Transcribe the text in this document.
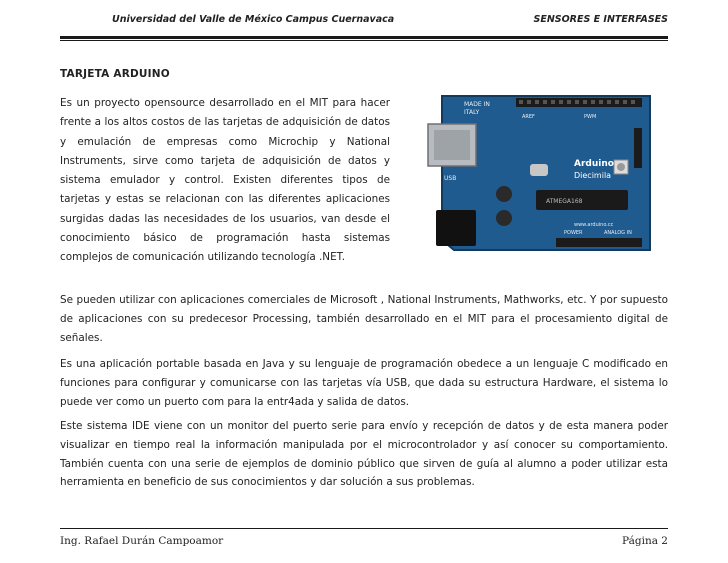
Universidad del Valle de México Campus Cuernavaca	SENSORES E INTERFASES
TARJETA ARDUINO
Es un proyecto opensource desarrollado en el MIT para hacer frente a los altos costos de las tarjetas de adquisición de datos y emulación de empresas como Microchip y National Instruments, sirve como tarjeta de adquisición de datos y sistema emulador y control. Existen diferentes tipos de tarjetas y estas se relacionan con las diferentes aplicaciones surgidas dadas las necesidades de los usuarios, van desde el conocimiento básico de programación hasta sistemas complejos de comunicación utilizando tecnología .NET.
MADE IN
ITALY
Arduino
Diecimila
USB
ANALOG IN
POWER
PWM
AREF
www.arduino.cc
ATMEGA168
Se pueden utilizar con aplicaciones comerciales de Microsoft , National Instruments, Mathworks, etc. Y por supuesto de aplicaciones con su predecesor Processing, también desarrollado en el MIT para el procesamiento digital de señales.
Es una aplicación portable basada en Java y su lenguaje de programación obedece a un lenguaje C modificado en funciones para configurar y comunicarse con las tarjetas vía USB, que dada su estructura Hardware, el sistema lo puede ver como un puerto com para la entr4ada y salida de datos.
Este sistema IDE viene con un monitor del puerto serie para envío y recepción de datos y de esta manera poder visualizar en tiempo real la información manipulada por el microcontrolador y así conocer su comportamiento. También cuenta con una serie de ejemplos de dominio público que sirven de guía al alumno a poder utilizar esta herramienta en beneficio de sus conocimientos y dar solución a sus problemas.
Ing. Rafael Durán Campoamor	Página 2
